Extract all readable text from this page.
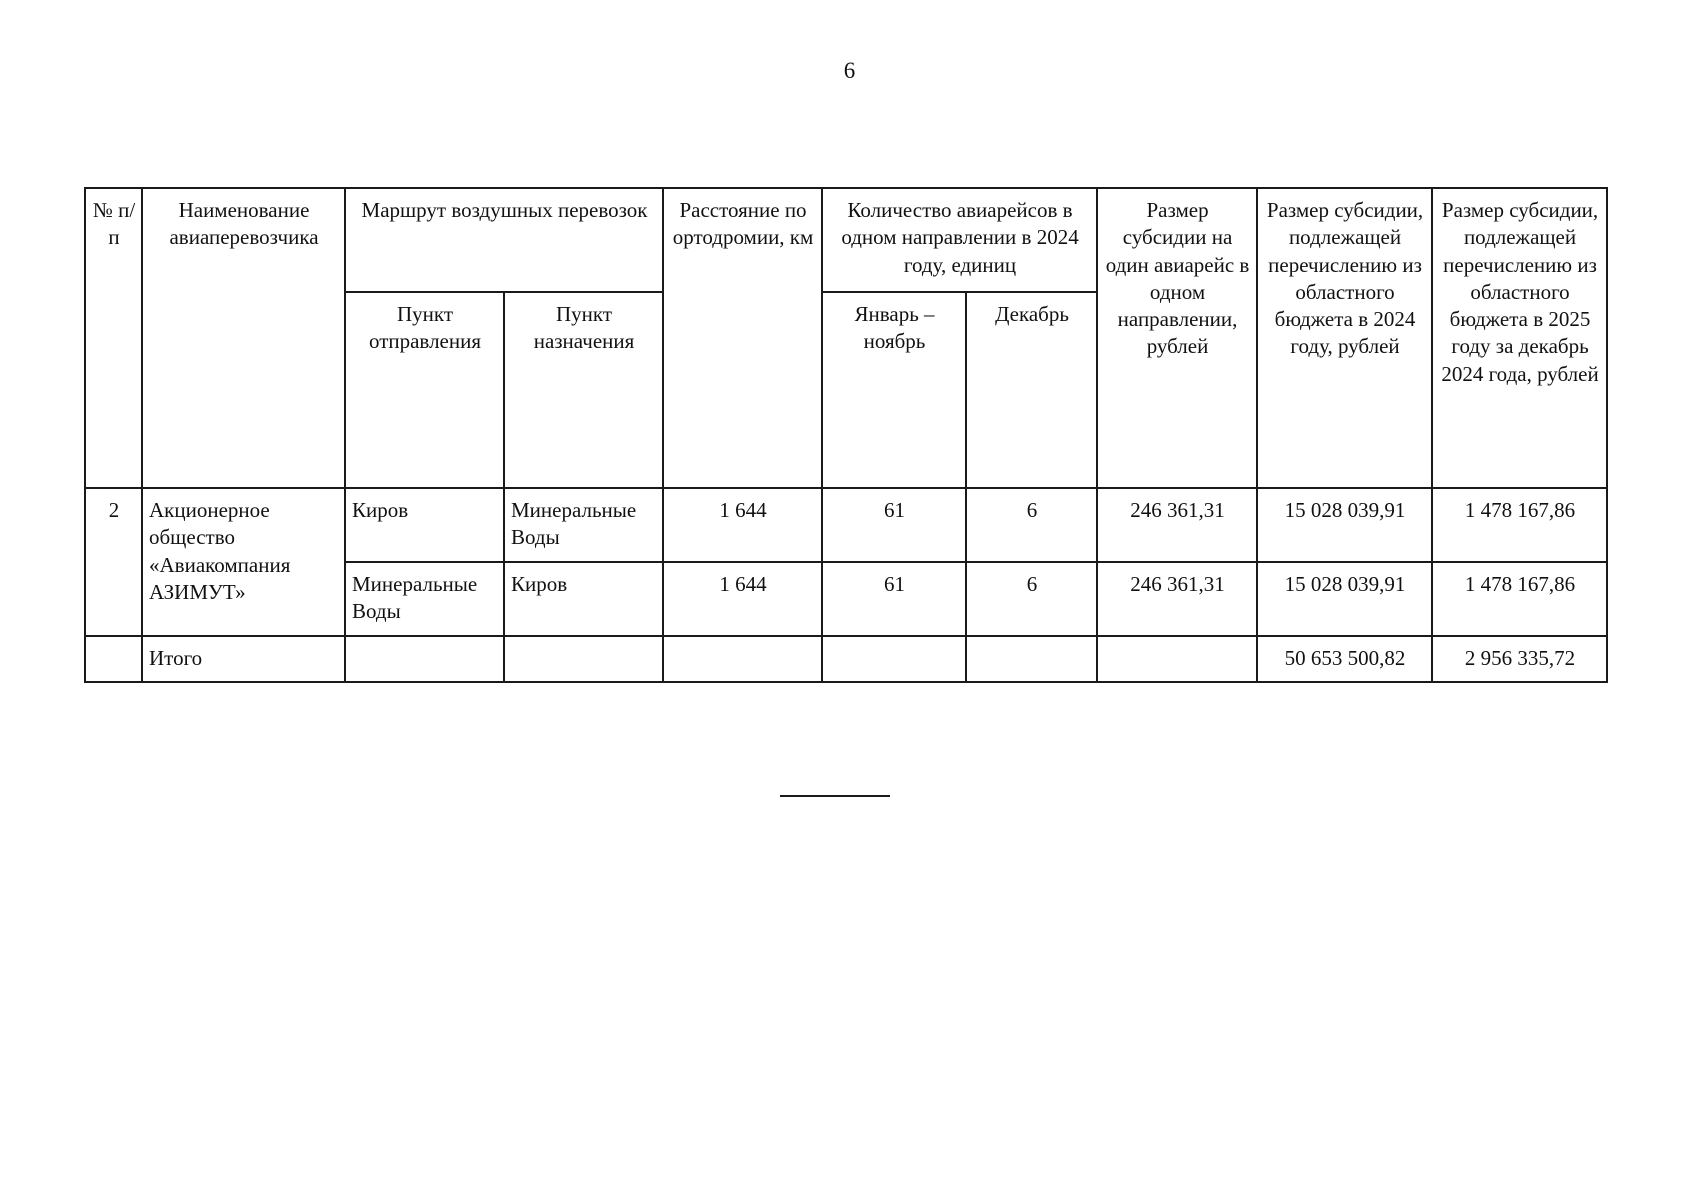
6
№ п/п	Наименование авиаперевозчика	Маршрут воздушных перевозок		Расстояние по ортодромии, км	Количество авиарейсов в одном направлении в 2024 году, единиц		Размер субсидии на один авиарейс в одном направлении, рублей	Размер субсидии, подлежащей перечислению из областного бюджета в 2024 году, рублей	Размер субсидии, подлежащей перечислению из областного бюджета в 2025 году за декабрь 2024 года, рублей
		Пункт отправления	Пункт назначения		Январь – ноябрь	Декабрь			
2	Акционерное общество «Авиакомпания АЗИМУТ»	Киров	Минеральные Воды	1 644	61	6	246 361,31	15 028 039,91	1 478 167,86
		Минеральные Воды	Киров	1 644	61	6	246 361,31	15 028 039,91	1 478 167,86
	Итого							50 653 500,82	2 956 335,72
